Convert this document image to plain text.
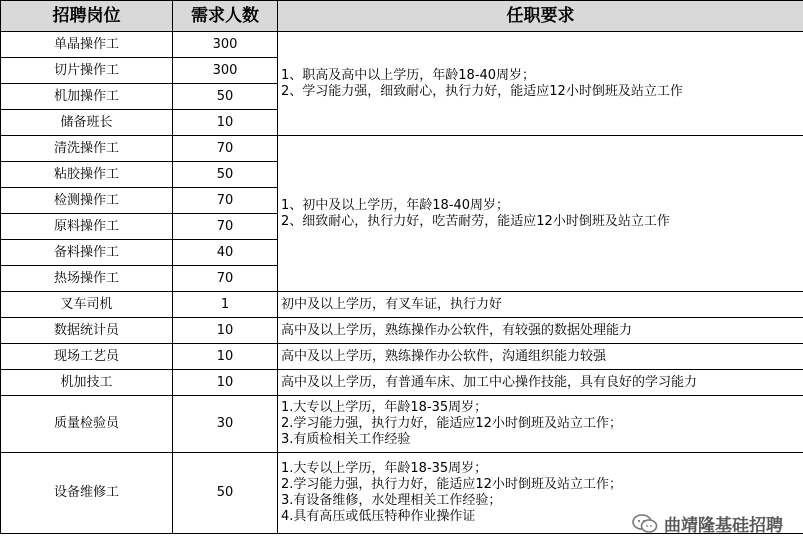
招聘岗位	需求人数	任职要求
单晶操作工	300	1、职高及高中以上学历，年龄18-40周岁；
2、学习能力强，细致耐心，执行力好，能适应12小时倒班及站立工作

切片操作工	300	
机加操作工	50	
储备班长	10	
清洗操作工	70	1、初中及以上学历，年龄18-40周岁；
2、细致耐心，执行力好，吃苦耐劳，能适应12小时倒班及站立工作

粘胶操作工	50	
检测操作工	70	
原料操作工	70	
备料操作工	40	
热场操作工	70	
叉车司机	1	初中及以上学历，有叉车证，执行力好
数据统计员	10	高中及以上学历，熟练操作办公软件，有较强的数据处理能力
现场工艺员	10	高中及以上学历，熟练操作办公软件，沟通组织能力较强
机加技工	10	高中及以上学历，有普通车床、加工中心操作技能，具有良好的学习能力
质量检验员	30	1.大专以上学历，年龄18-35周岁；
2.学习能力强，执行力好，能适应12小时倒班及站立工作；
3.有质检相关工作经验

设备维修工	50	1.大专以上学历，年龄18-35周岁；
2.学习能力强，执行力好，能适应12小时倒班及站立工作；
3.有设备维修，水处理相关工作经验；
4.具有高压或低压特种作业操作证	曲靖隆基硅招聘
